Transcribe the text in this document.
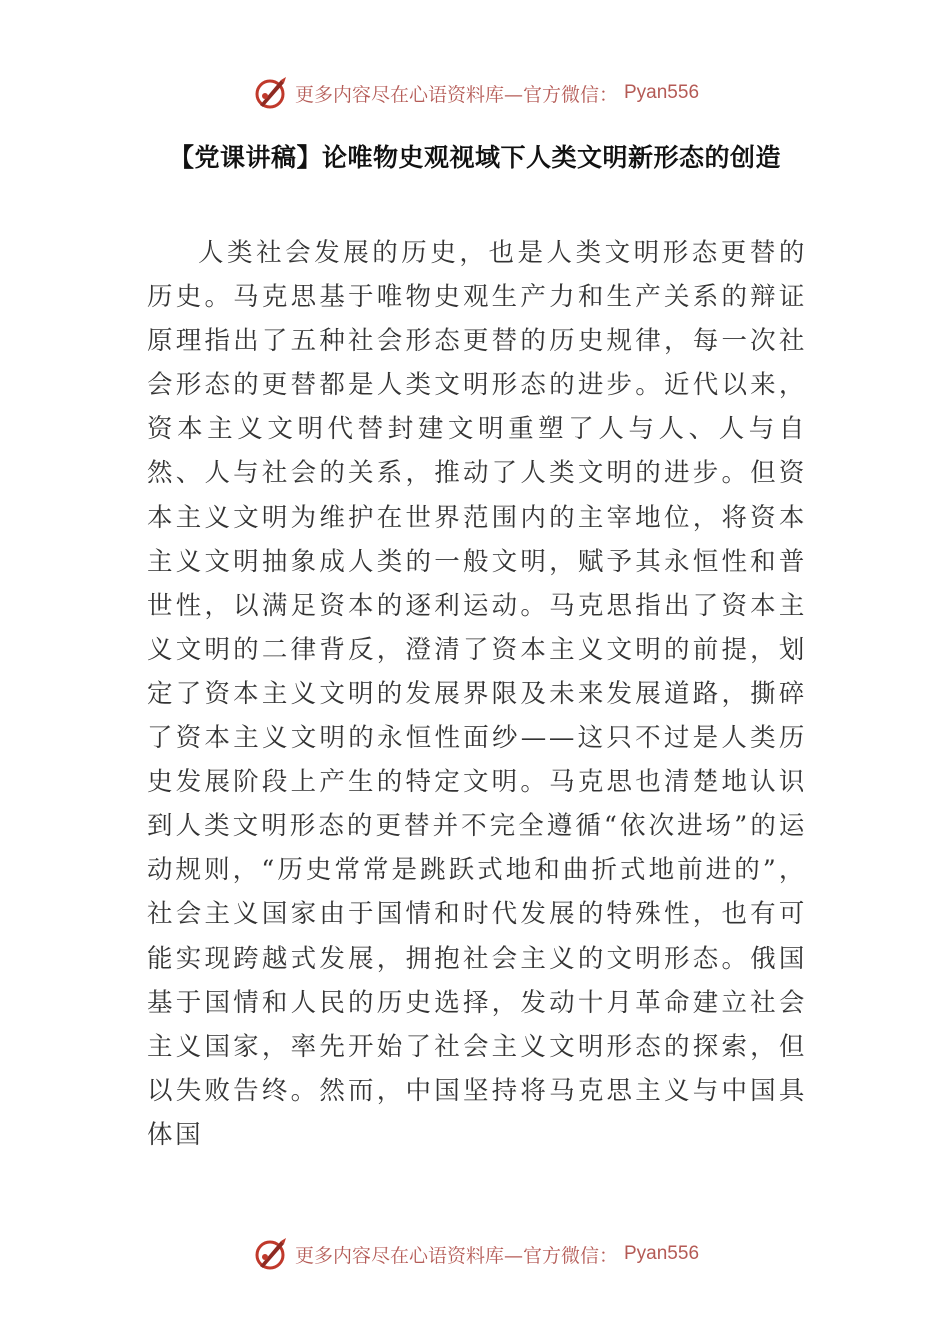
更多内容尽在心语资料库—官方微信： Pyan556
【党课讲稿】论唯物史观视域下人类文明新形态的创造

人类社会发展的历史，也是人类文明形态更替的历史。马克思基于唯物史观生产力和生产关系的辩证原理指出了五种社会形态更替的历史规律，每一次社会形态的更替都是人类文明形态的进步。近代以来，资本主义文明代替封建文明重塑了人与人、人与自然、人与社会的关系，推动了人类文明的进步。但资本主义文明为维护在世界范围内的主宰地位，将资本主义文明抽象成人类的一般文明，赋予其永恒性和普世性，以满足资本的逐利运动。马克思指出了资本主义文明的二律背反，澄清了资本主义文明的前提，划定了资本主义文明的发展界限及未来发展道路，撕碎了资本主义文明的永恒性面纱——这只不过是人类历史发展阶段上产生的特定文明。马克思也清楚地认识到人类文明形态的更替并不完全遵循“依次进场”的运动规则，“历史常常是跳跃式地和曲折式地前进的”，社会主义国家由于国情和时代发展的特殊性，也有可能实现跨越式发展，拥抱社会主义的文明形态。俄国基于国情和人民的历史选择，发动十月革命建立社会主义国家，率先开始了社会主义文明形态的探索，但以失败告终。然而，中国坚持将马克思主义与中国具体国

更多内容尽在心语资料库—官方微信： Pyan556
